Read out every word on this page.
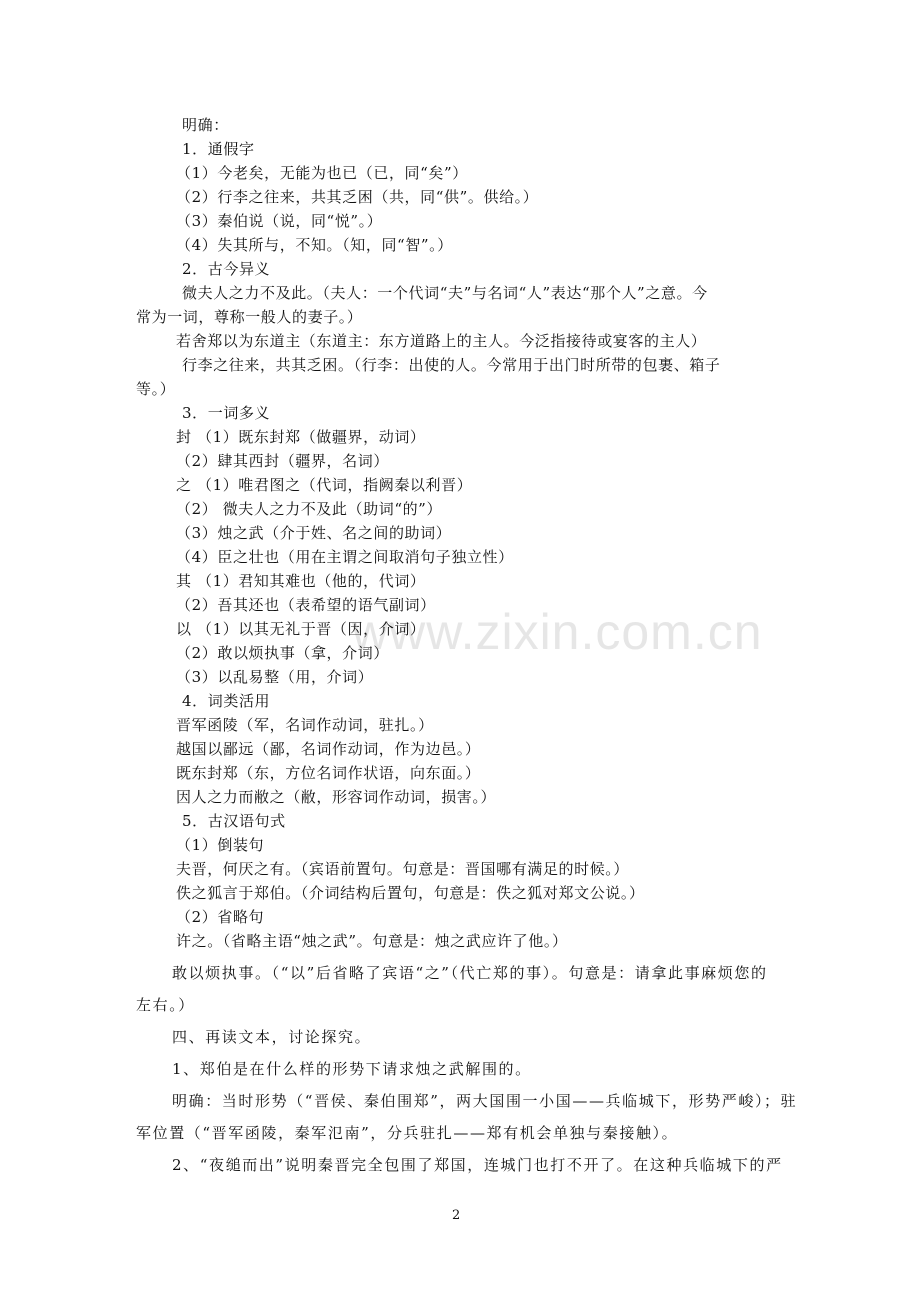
www.zixin.com.cn
明确：
1．通假字
（1）今老矣，无能为也已（已，同“矣”）
（2）行李之往来，共其乏困（共，同“供”。供给。）
（3）秦伯说（说，同“悦”。）
（4）失其所与，不知。（知，同“智”。）
2．古今异义
微夫人之力不及此。（夫人：一个代词“夫”与名词“人”表达“那个人”之意。今
常为一词，尊称一般人的妻子。）
若舍郑以为东道主（东道主：东方道路上的主人。今泛指接待或宴客的主人）
行李之往来，共其乏困。（行李：出使的人。今常用于出门时所带的包裹、箱子
等。）
3．一词多义
封 （1）既东封郑（做疆界，动词）
（2）肆其西封（疆界，名词）
之 （1）唯君图之（代词，指阙秦以利晋）
（2） 微夫人之力不及此（助词“的”）
（3）烛之武（介于姓、名之间的助词）
（4）臣之壮也（用在主谓之间取消句子独立性）
其 （1）君知其难也（他的，代词）
（2）吾其还也（表希望的语气副词）
以 （1）以其无礼于晋（因，介词）
（2）敢以烦执事（拿，介词）
（3）以乱易整（用，介词）
4．词类活用
晋军函陵（军，名词作动词，驻扎。）
越国以鄙远（鄙，名词作动词，作为边邑。）
既东封郑（东，方位名词作状语，向东面。）
因人之力而敝之（敝，形容词作动词，损害。）
5．古汉语句式
（1）倒装句
夫晋，何厌之有。（宾语前置句。句意是：晋国哪有满足的时候。）
佚之狐言于郑伯。（介词结构后置句，句意是：佚之狐对郑文公说。）
（2）省略句
许之。（省略主语“烛之武”。句意是：烛之武应许了他。）
敢以烦执事。（“以”后省略了宾语“之”（代亡郑的事）。句意是：请拿此事麻烦您的
左右。）
四、再读文本，讨论探究。
1、郑伯是在什么样的形势下请求烛之武解围的。
明确：当时形势（“晋侯、秦伯围郑”，两大国围一小国——兵临城下，形势严峻）；驻
军位置（“晋军函陵，秦军氾南”，分兵驻扎——郑有机会单独与秦接触）。
2、“夜缒而出”说明秦晋完全包围了郑国，连城门也打不开了。在这种兵临城下的严
2
